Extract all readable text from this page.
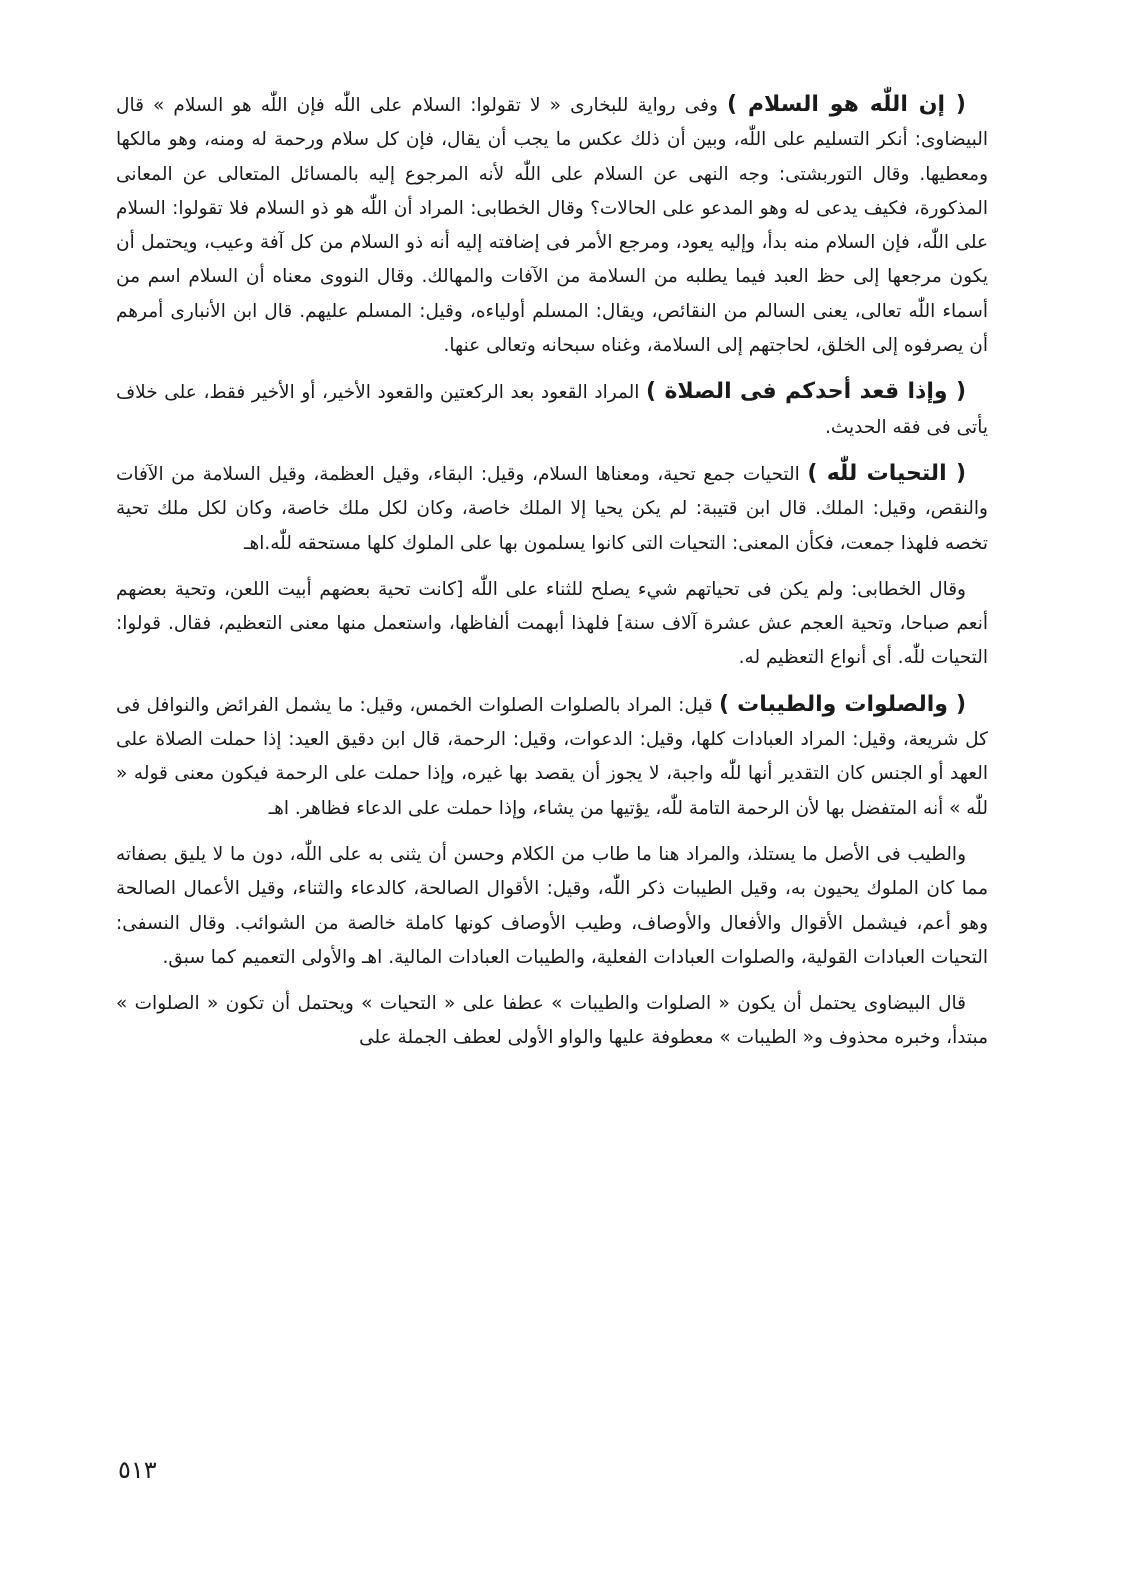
( إن اللّٰه هو السلام ) وفى رواية للبخارى « لا تقولوا: السلام على اللّٰه فإن اللّٰه هو السلام » قال البيضاوى: أنكر التسليم على اللّٰه، وبين أن ذلك عكس ما يجب أن يقال، فإن كل سلام ورحمة له ومنه، وهو مالكها ومعطيها. وقال التوربشتى: وجه النهى عن السلام على اللّٰه لأنه المرجوع إليه بالمسائل المتعالى عن المعانى المذكورة، فكيف يدعى له وهو المدعو على الحالات؟ وقال الخطابى: المراد أن اللّٰه هو ذو السلام فلا تقولوا: السلام على اللّٰه، فإن السلام منه بدأ، وإليه يعود، ومرجع الأمر فى إضافته إليه أنه ذو السلام من كل آفة وعيب، ويحتمل أن يكون مرجعها إلى حظ العبد فيما يطلبه من السلامة من الآفات والمهالك. وقال النووى معناه أن السلام اسم من أسماء اللّٰه تعالى، يعنى السالم من النقائص، ويقال: المسلم أولياءه، وقيل: المسلم عليهم. قال ابن الأنبارى أمرهم أن يصرفوه إلى الخلق، لحاجتهم إلى السلامة، وغناه سبحانه وتعالى عنها.

( وإذا قعد أحدكم فى الصلاة ) المراد القعود بعد الركعتين والقعود الأخير، أو الأخير فقط، على خلاف يأتى فى فقه الحديث.

( التحيات للّٰه ) التحيات جمع تحية، ومعناها السلام، وقيل: البقاء، وقيل العظمة، وقيل السلامة من الآفات والنقص، وقيل: الملك. قال ابن قتيبة: لم يكن يحيا إلا الملك خاصة، وكان لكل ملك خاصة، وكان لكل ملك تحية تخصه فلهذا جمعت، فكأن المعنى: التحيات التى كانوا يسلمون بها على الملوك كلها مستحقه للّٰه.اهـ

وقال الخطابى: ولم يكن فى تحياتهم شيء يصلح للثناء على اللّٰه [كانت تحية بعضهم أبيت اللعن، وتحية بعضهم أنعم صباحا، وتحية العجم عش عشرة آلاف سنة] فلهذا أبهمت ألفاظها، واستعمل منها معنى التعظيم، فقال. قولوا: التحيات للّٰه. أى أنواع التعظيم له.

( والصلوات والطيبات ) قيل: المراد بالصلوات الصلوات الخمس، وقيل: ما يشمل الفرائض والنوافل فى كل شريعة، وقيل: المراد العبادات كلها، وقيل: الدعوات، وقيل: الرحمة، قال ابن دقيق العيد: إذا حملت الصلاة على العهد أو الجنس كان التقدير أنها للّٰه واجبة، لا يجوز أن يقصد بها غيره، وإذا حملت على الرحمة فيكون معنى قوله « للّٰه » أنه المتفضل بها لأن الرحمة التامة للّٰه، يؤتيها من يشاء، وإذا حملت على الدعاء فظاهر. اهـ

والطيب فى الأصل ما يستلذ، والمراد هنا ما طاب من الكلام وحسن أن يثنى به على اللّٰه، دون ما لا يليق بصفاته مما كان الملوك يحيون به، وقيل الطيبات ذكر اللّٰه، وقيل: الأقوال الصالحة، كالدعاء والثناء، وقيل الأعمال الصالحة وهو أعم، فيشمل الأقوال والأفعال والأوصاف، وطيب الأوصاف كونها كاملة خالصة من الشوائب. وقال النسفى: التحيات العبادات القولية، والصلوات العبادات الفعلية، والطيبات العبادات المالية. اهـ والأولى التعميم كما سبق.

قال البيضاوى يحتمل أن يكون « الصلوات والطيبات » عطفا على « التحيات » ويحتمل أن تكون « الصلوات » مبتدأ، وخبره محذوف و« الطيبات » معطوفة عليها والواو الأولى لعطف الجملة على

٥١٣
